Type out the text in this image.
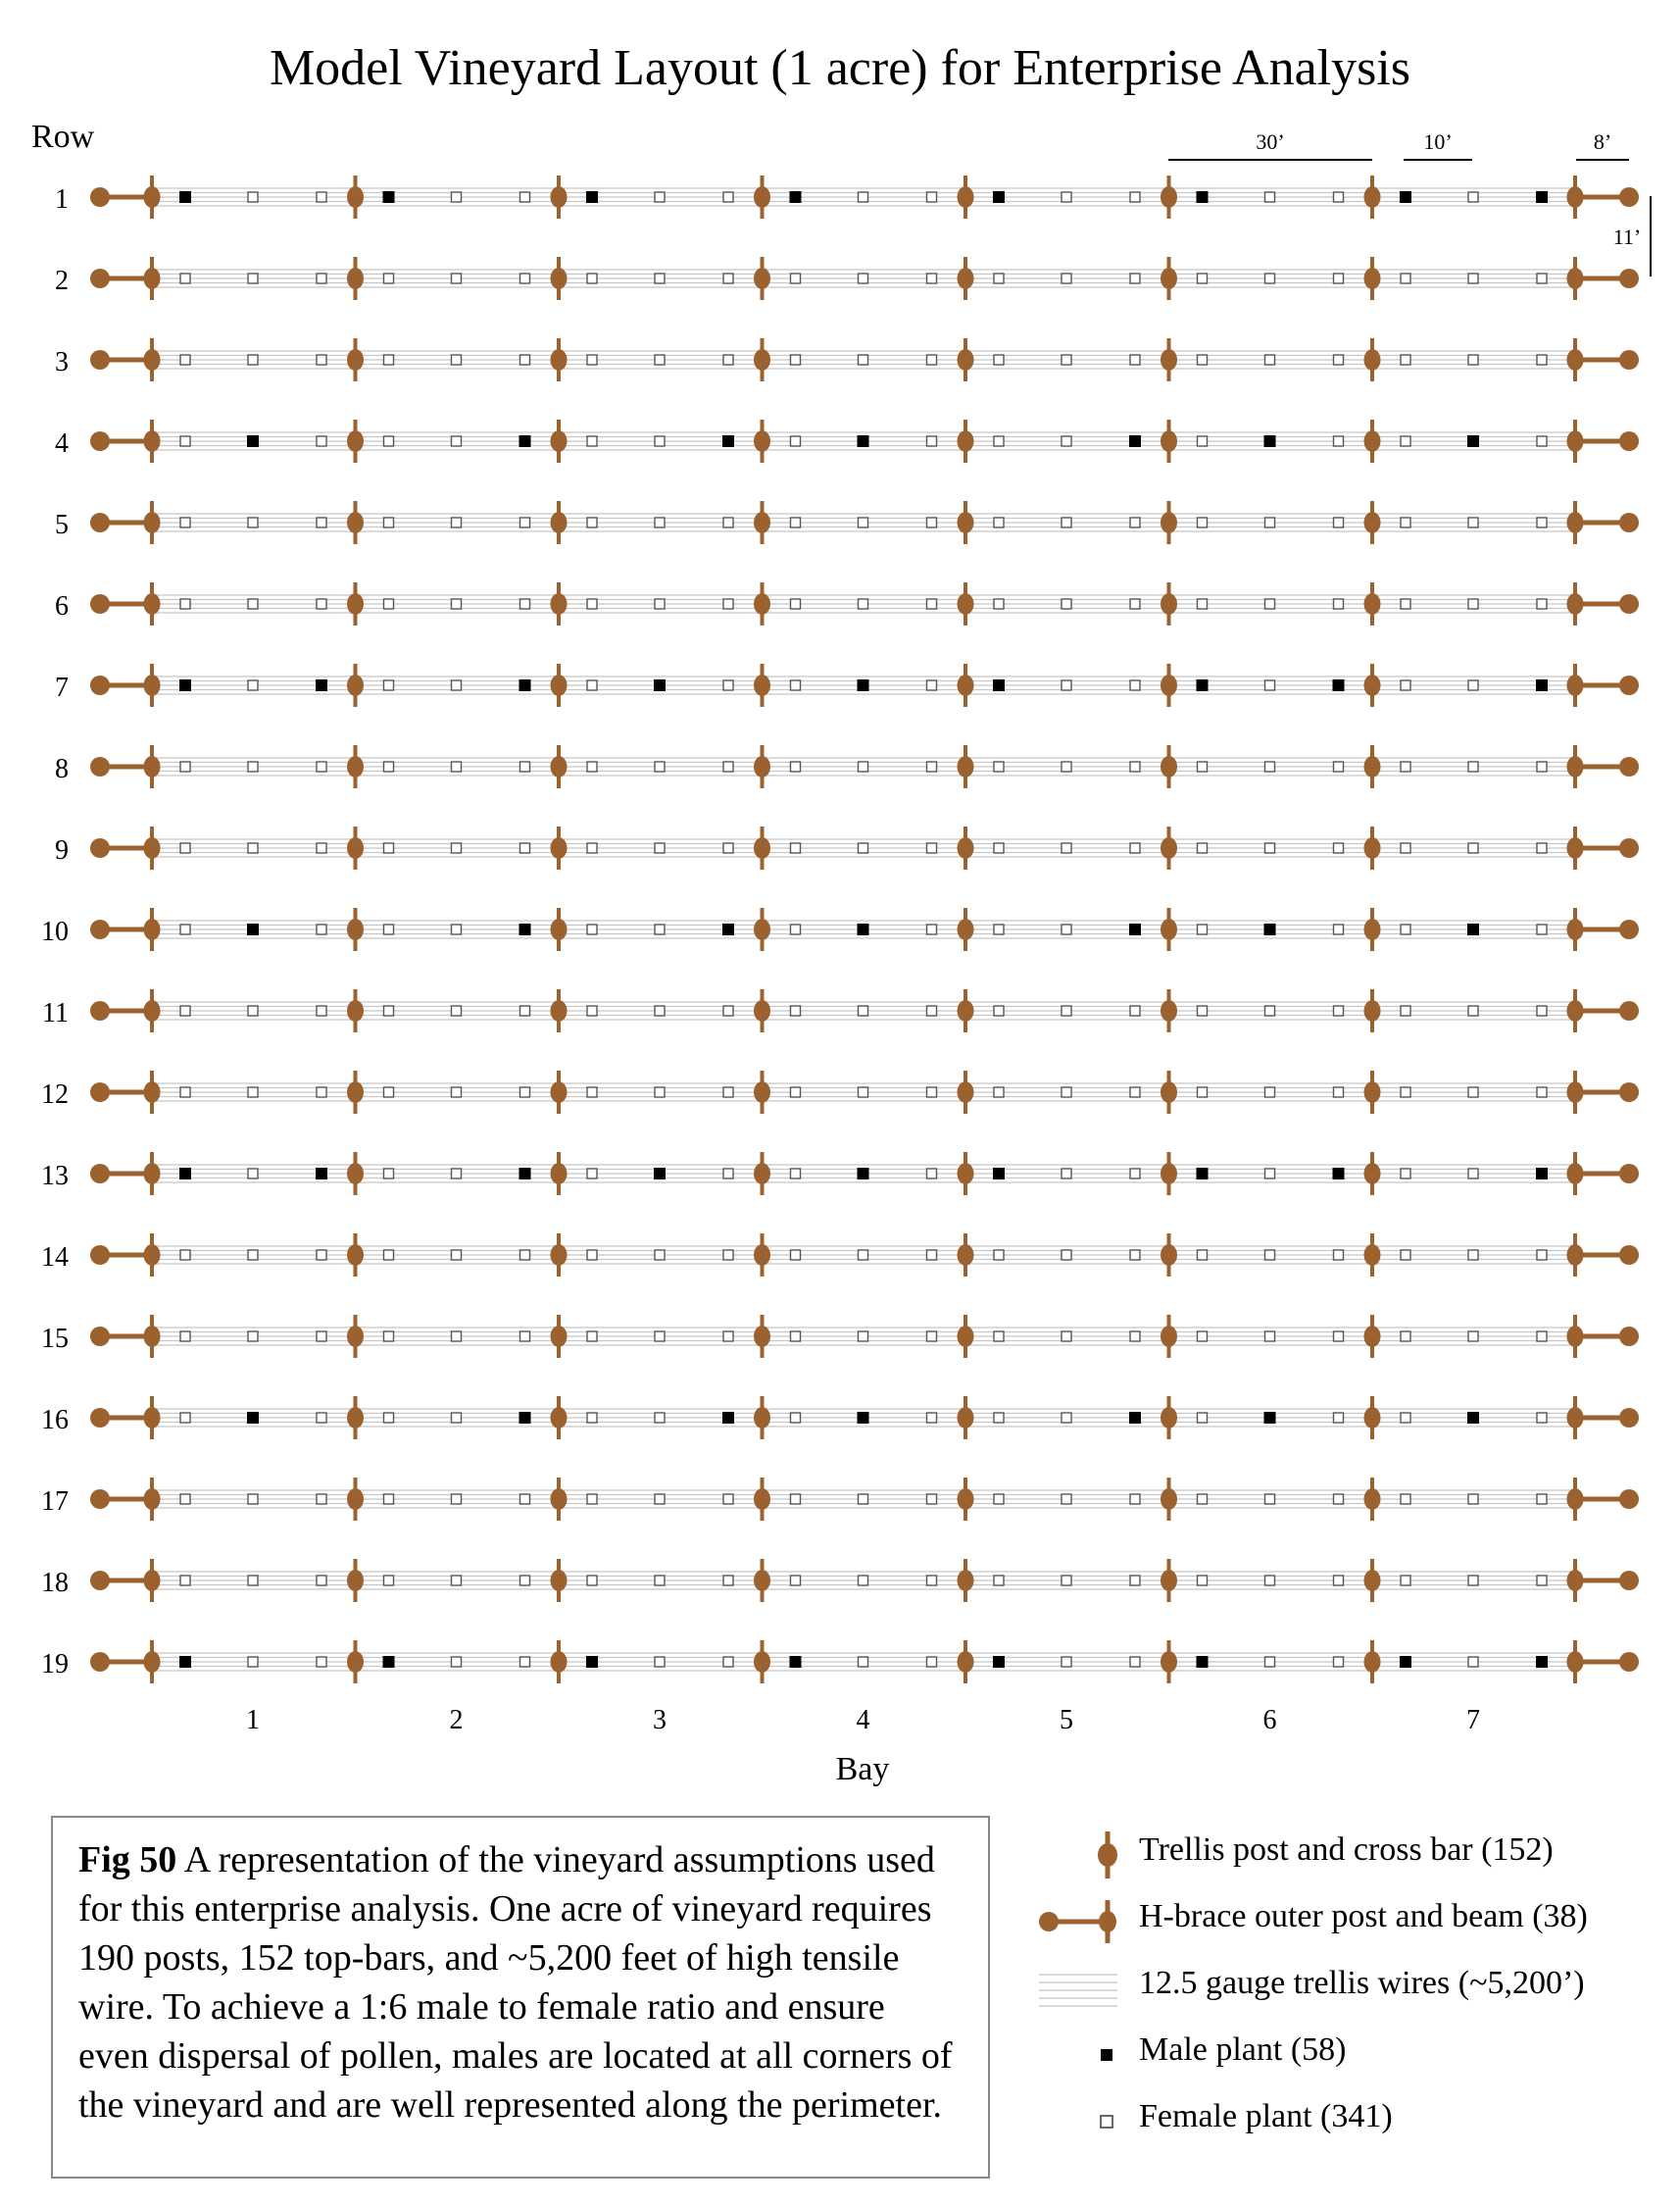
Model Vineyard Layout (1 acre) for Enterprise Analysis
Row
Bay
30’	10’	8’
11’
1
2
3
4
5
6
7
8
9
10
11
12
13
14
15
16
17
18
19
1	2	3	4	5	6	7
Fig 50 A representation of the vineyard assumptions used for this enterprise analysis. One acre of vineyard requires 190 posts, 152 top-bars, and ~5,200 feet of high tensile wire. To achieve a 1:6 male to female ratio and ensure even dispersal of pollen, males are located at all corners of the vineyard and are well represented along the perimeter.
Trellis post and cross bar (152)
H-brace outer post and beam (38)
12.5 gauge trellis wires (~5,200’)
Male plant (58)
Female plant (341)
